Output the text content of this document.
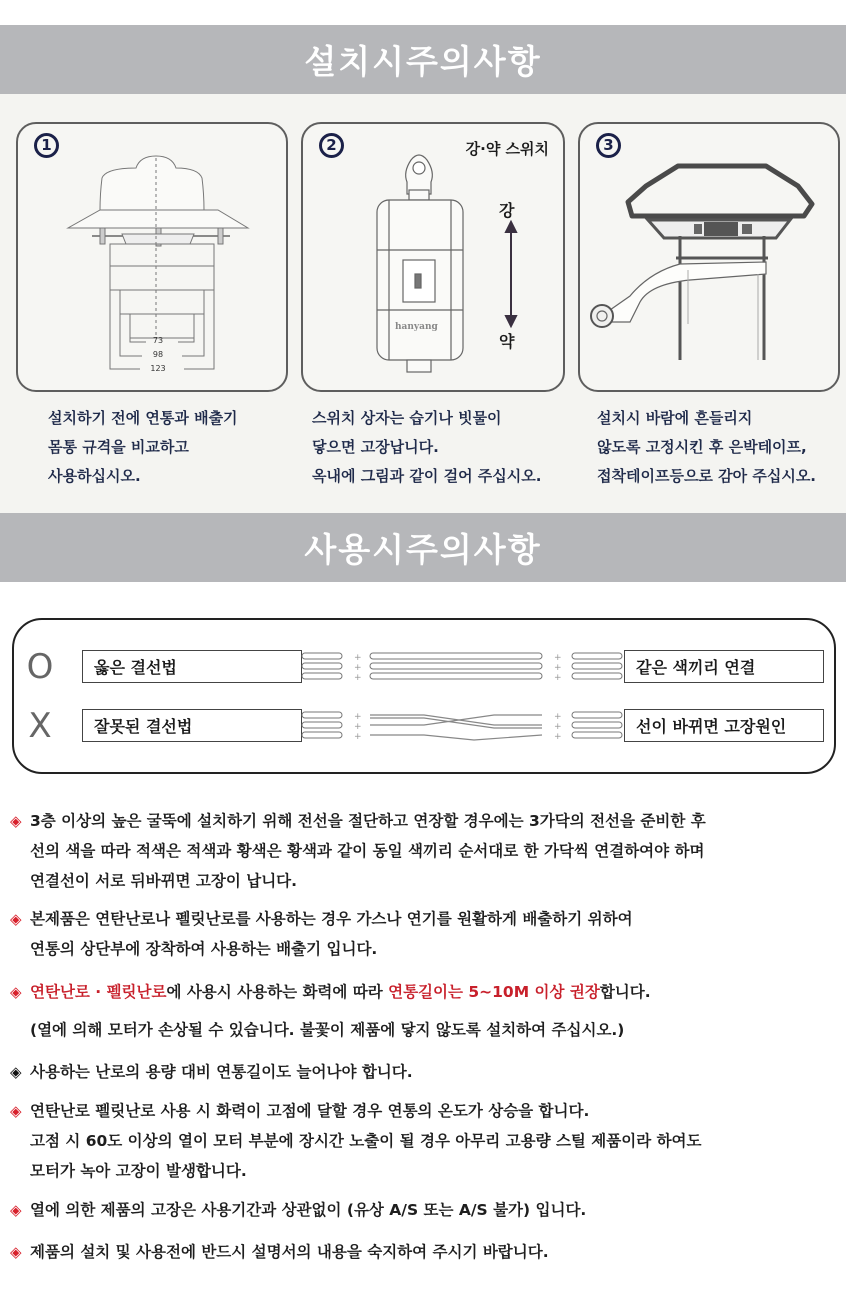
설치시주의사항
1
73
98
123
2	강·약 스위치
hanyang
강
약
3
설치하기 전에 연통과 배출기
몸통 규격을 비교하고
사용하십시오.
스위치 상자는 습기나 빗물이
닿으면 고장납니다.
옥내에 그림과 같이 걸어 주십시오.
설치시 바람에 흔들리지
않도록 고정시킨 후 은박테이프,
접착테이프등으로 감아 주십시오.
사용시주의사항
O	옳은 결선법	+
+
+
+
+
+
같은 색끼리 연결
X	잘못된 결선법	+
+
+
+
+
+
선이 바뀌면 고장원인
◈ 3층 이상의 높은 굴뚝에 설치하기 위해 전선을 절단하고 연장할 경우에는 3가닥의 전선을 준비한 후
선의 색을 따라 적색은 적색과 황색은 황색과 같이 동일 색끼리 순서대로 한 가닥씩 연결하여야 하며
연결선이 서로 뒤바뀌면 고장이 납니다.
◈ 본제품은 연탄난로나 펠릿난로를 사용하는 경우 가스나 연기를 원활하게 배출하기 위하여
연통의 상단부에 장착하여 사용하는 배출기 입니다.
◈ 연탄난로 · 펠릿난로에 사용시 사용하는 화력에 따라 연통길이는 5~10M 이상 권장합니다.
(열에 의해 모터가 손상될 수 있습니다. 불꽃이 제품에 닿지 않도록 설치하여 주십시오.)
◈ 사용하는 난로의 용량 대비 연통길이도 늘어나야 합니다.
◈ 연탄난로 펠릿난로 사용 시 화력이 고점에 달할 경우 연통의 온도가 상승을 합니다.
고점 시 60도 이상의 열이 모터 부분에 장시간 노출이 될 경우 아무리 고용량 스틸 제품이라 하여도
모터가 녹아 고장이 발생합니다.
◈ 열에 의한 제품의 고장은 사용기간과 상관없이 (유상 A/S 또는 A/S 불가) 입니다.
◈ 제품의 설치 및 사용전에 반드시 설명서의 내용을 숙지하여 주시기 바랍니다.
